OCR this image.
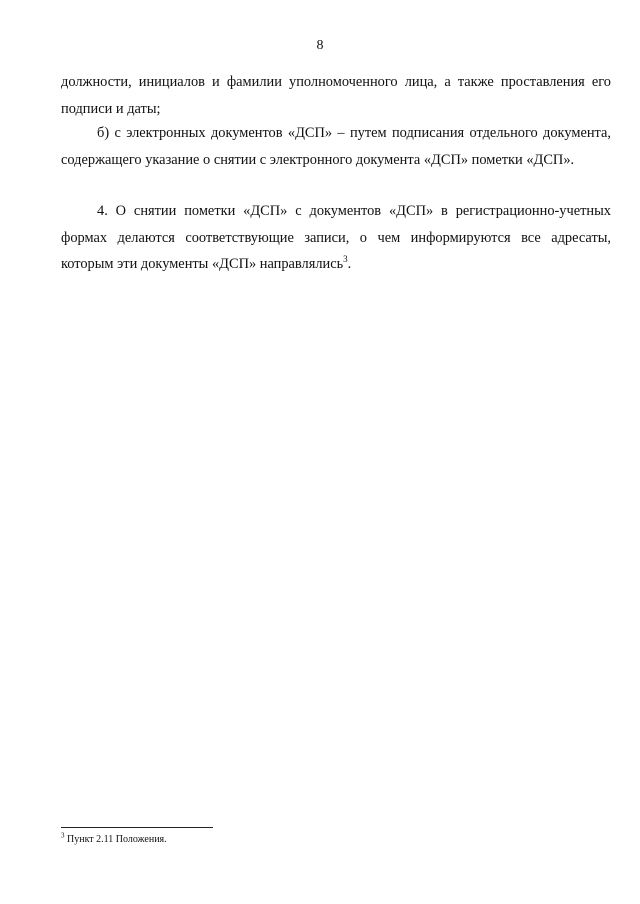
8

должности, инициалов и фамилии уполномоченного лица, а также проставления его подписи и даты;

б) с электронных документов «ДСП» – путем подписания отдельного документа, содержащего указание о снятии с электронного документа «ДСП» пометки «ДСП».

4. О снятии пометки «ДСП» с документов «ДСП» в регистрационно-учетных формах делаются соответствующие записи, о чем информируются все адресаты, которым эти документы «ДСП» направлялись$^3$.

$^3$ Пункт 2.11 Положения.
